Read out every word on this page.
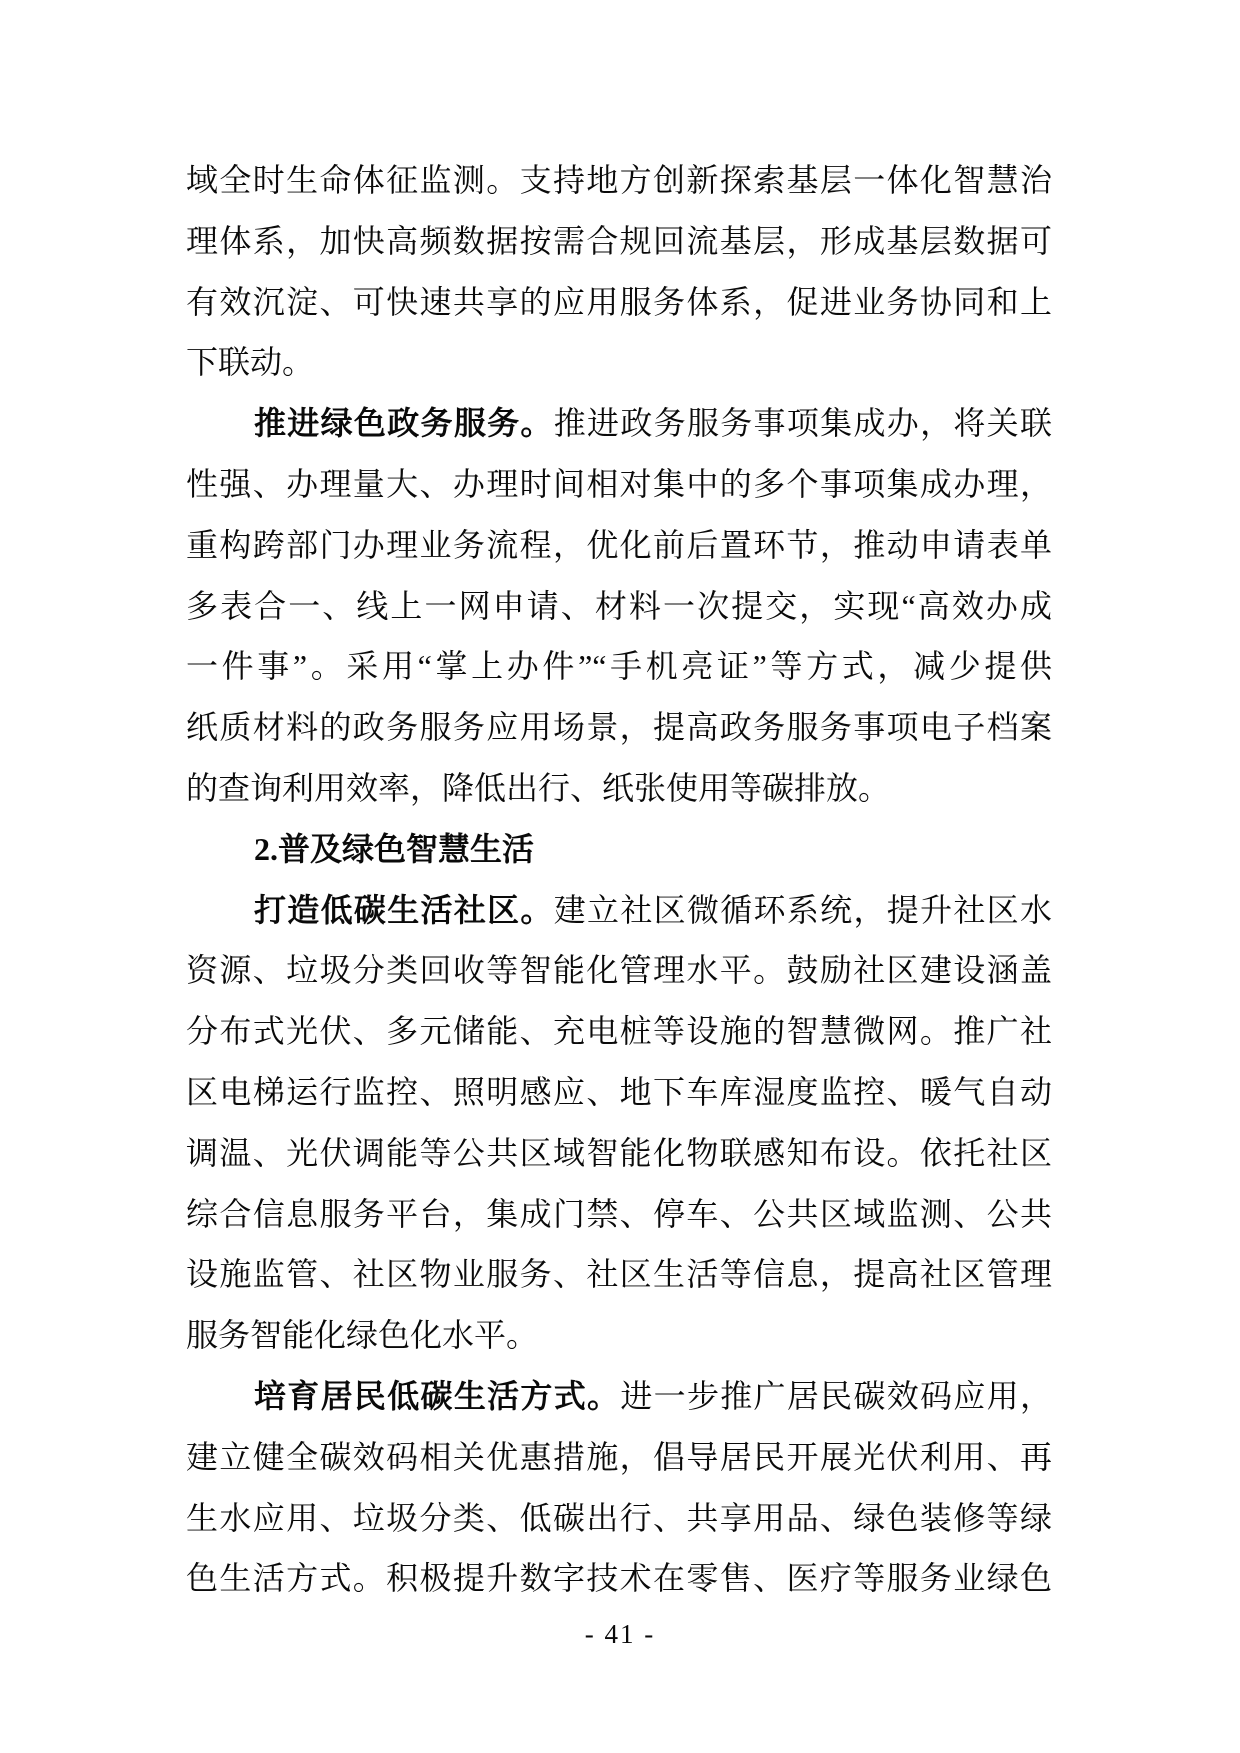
域全时生命体征监测。支持地方创新探索基层一体化智慧治
理体系，加快高频数据按需合规回流基层，形成基层数据可
有效沉淀、可快速共享的应用服务体系，促进业务协同和上
下联动。
推进绿色政务服务。推进政务服务事项集成办，将关联
性强、办理量大、办理时间相对集中的多个事项集成办理，
重构跨部门办理业务流程，优化前后置环节，推动申请表单
多表合一、线上一网申请、材料一次提交，实现“高效办成
一件事”。采用“掌上办件”“手机亮证”等方式，减少提供
纸质材料的政务服务应用场景，提高政务服务事项电子档案
的查询利用效率，降低出行、纸张使用等碳排放。
2.普及绿色智慧生活
打造低碳生活社区。建立社区微循环系统，提升社区水
资源、垃圾分类回收等智能化管理水平。鼓励社区建设涵盖
分布式光伏、多元储能、充电桩等设施的智慧微网。推广社
区电梯运行监控、照明感应、地下车库湿度监控、暖气自动
调温、光伏调能等公共区域智能化物联感知布设。依托社区
综合信息服务平台，集成门禁、停车、公共区域监测、公共
设施监管、社区物业服务、社区生活等信息，提高社区管理
服务智能化绿色化水平。
培育居民低碳生活方式。进一步推广居民碳效码应用，
建立健全碳效码相关优惠措施，倡导居民开展光伏利用、再
生水应用、垃圾分类、低碳出行、共享用品、绿色装修等绿
色生活方式。积极提升数字技术在零售、医疗等服务业绿色
- 41 -
